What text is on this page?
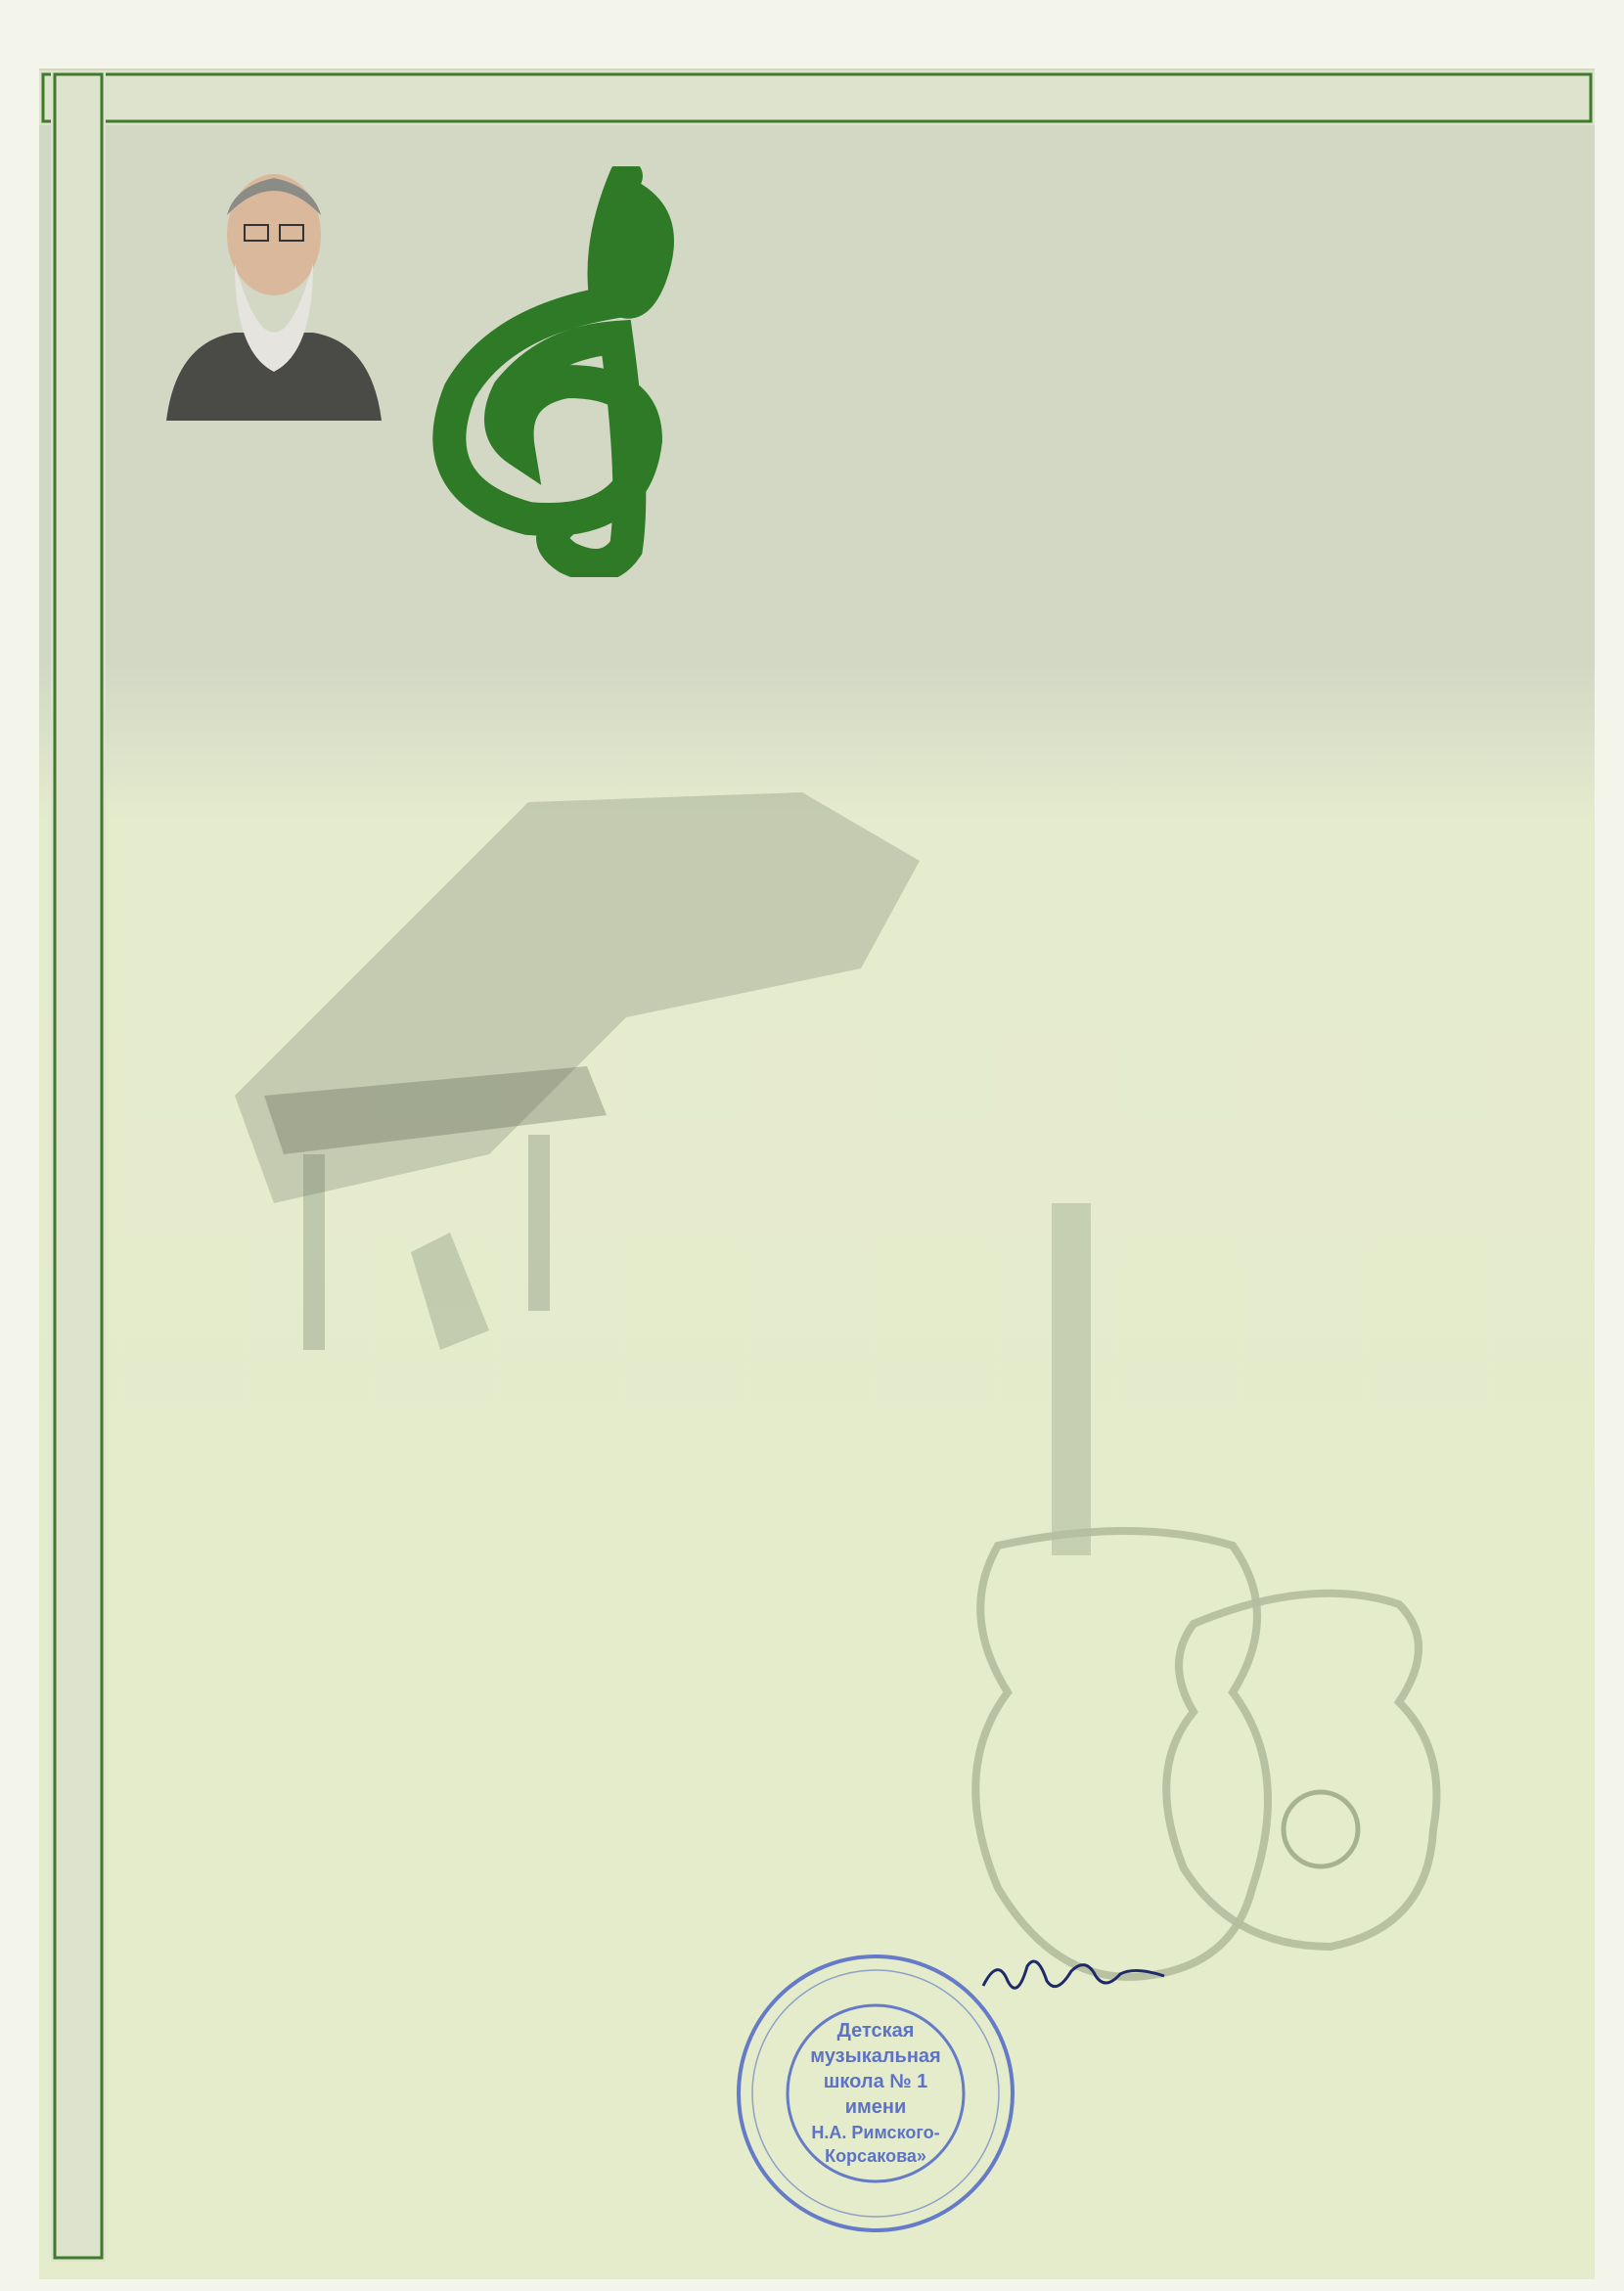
Детская
музыкальная
школа № 1
имени
Н.А. Римского-
Корсакова»
